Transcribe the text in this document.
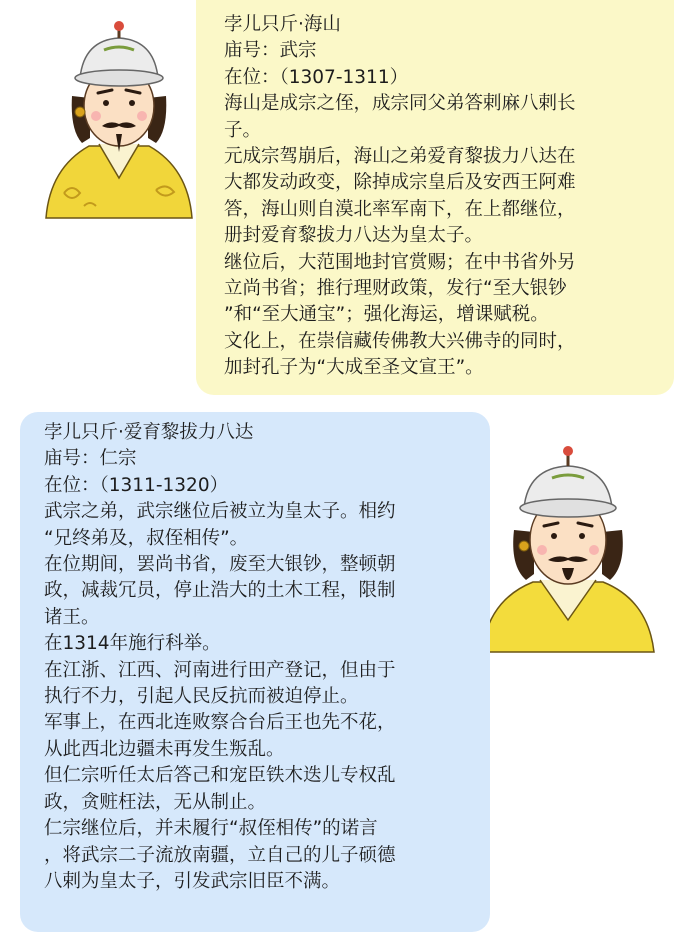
孛儿只斤·海山
庙号：武宗
在位：（1307-1311）
海山是成宗之侄，成宗同父弟答剌麻八剌长
子。
元成宗驾崩后，海山之弟爱育黎拔力八达在
大都发动政变，除掉成宗皇后及安西王阿难
答，海山则自漠北率军南下，在上都继位，
册封爱育黎拔力八达为皇太子。
继位后，大范围地封官赏赐；在中书省外另
立尚书省；推行理财政策，发行“至大银钞
”和“至大通宝”；强化海运，增课赋税。
文化上，在崇信藏传佛教大兴佛寺的同时，
加封孔子为“大成至圣文宣王”。
孛儿只斤·爱育黎拔力八达
庙号：仁宗
在位：（1311-1320）
武宗之弟，武宗继位后被立为皇太子。相约
“兄终弟及，叔侄相传”。
在位期间，罢尚书省，废至大银钞，整顿朝
政，减裁冗员，停止浩大的土木工程，限制
诸王。
在1314年施行科举。
在江浙、江西、河南进行田产登记，但由于
执行不力，引起人民反抗而被迫停止。
军事上，在西北连败察合台后王也先不花，
从此西北边疆未再发生叛乱。
但仁宗听任太后答己和宠臣铁木迭儿专权乱
政，贪赃枉法，无从制止。
仁宗继位后，并未履行“叔侄相传”的诺言
，将武宗二子流放南疆，立自己的儿子硕德
八剌为皇太子，引发武宗旧臣不满。
